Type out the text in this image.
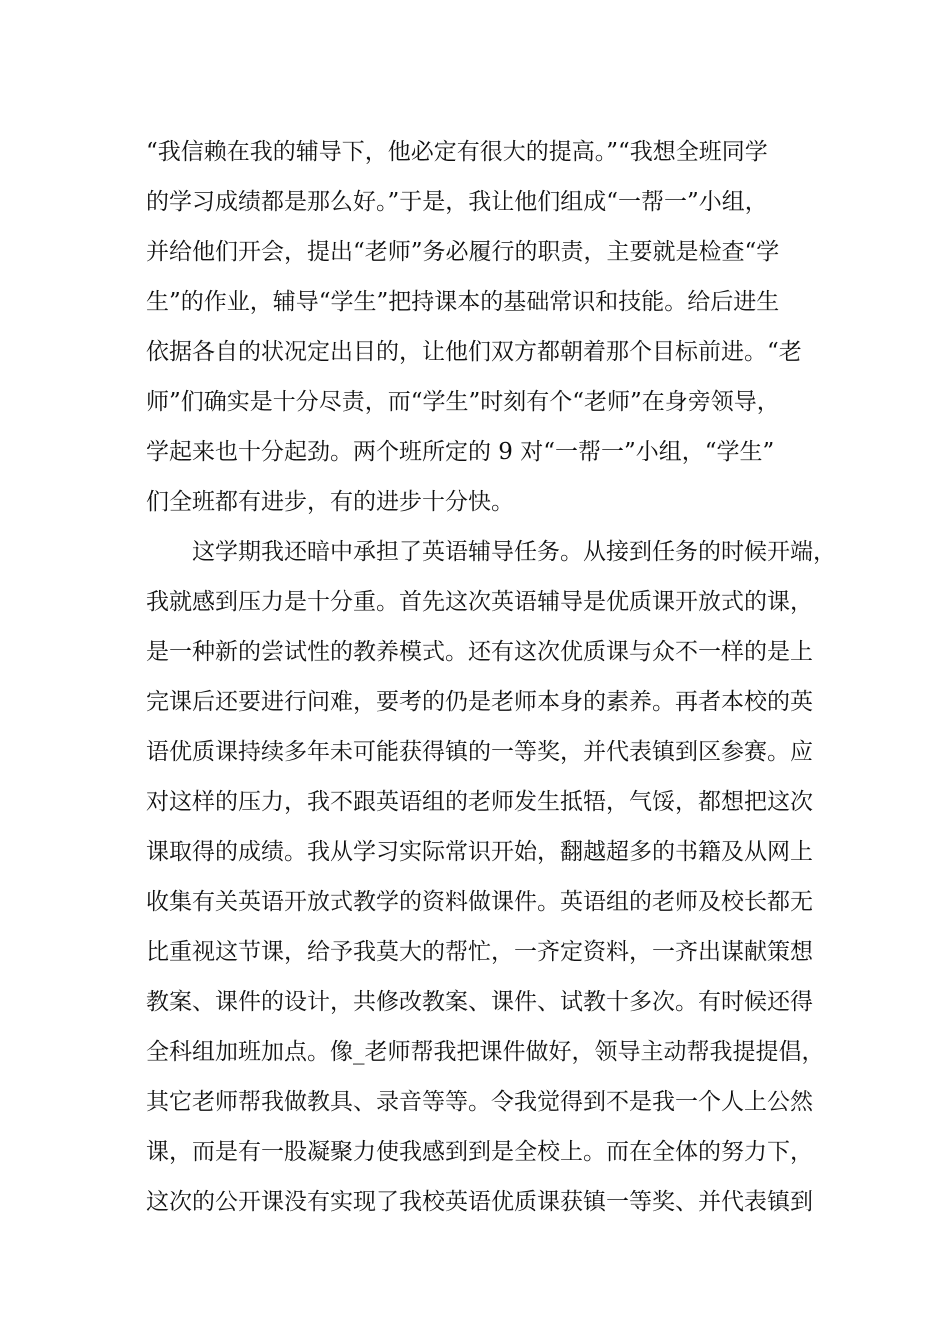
“我信赖在我的辅导下，他必定有很大的提高。”“我想全班同学
的学习成绩都是那么好。”于是，我让他们组成“一帮一”小组，
并给他们开会，提出“老师”务必履行的职责，主要就是检查“学
生”的作业，辅导“学生”把持课本的基础常识和技能。给后进生
依据各自的状况定出目的，让他们双方都朝着那个目标前进。“老
师”们确实是十分尽责，而“学生”时刻有个“老师”在身旁领导，
学起来也十分起劲。两个班所定的 9 对“一帮一”小组，“学生”
们全班都有进步，有的进步十分快。
这学期我还暗中承担了英语辅导任务。从接到任务的时候开端，
我就感到压力是十分重。首先这次英语辅导是优质课开放式的课，
是一种新的尝试性的教养模式。还有这次优质课与众不一样的是上
完课后还要进行问难，要考的仍是老师本身的素养。再者本校的英
语优质课持续多年未可能获得镇的一等奖，并代表镇到区参赛。应
对这样的压力，我不跟英语组的老师发生抵牾，气馁，都想把这次
课取得的成绩。我从学习实际常识开始，翻越超多的书籍及从网上
收集有关英语开放式教学的资料做课件。英语组的老师及校长都无
比重视这节课，给予我莫大的帮忙，一齐定资料，一齐出谋献策想
教案、课件的设计，共修改教案、课件、试教十多次。有时候还得
全科组加班加点。像_老师帮我把课件做好，领导主动帮我提提倡，
其它老师帮我做教具、录音等等。令我觉得到不是我一个人上公然
课，而是有一股凝聚力使我感到到是全校上。而在全体的努力下，
这次的公开课没有实现了我校英语优质课获镇一等奖、并代表镇到
